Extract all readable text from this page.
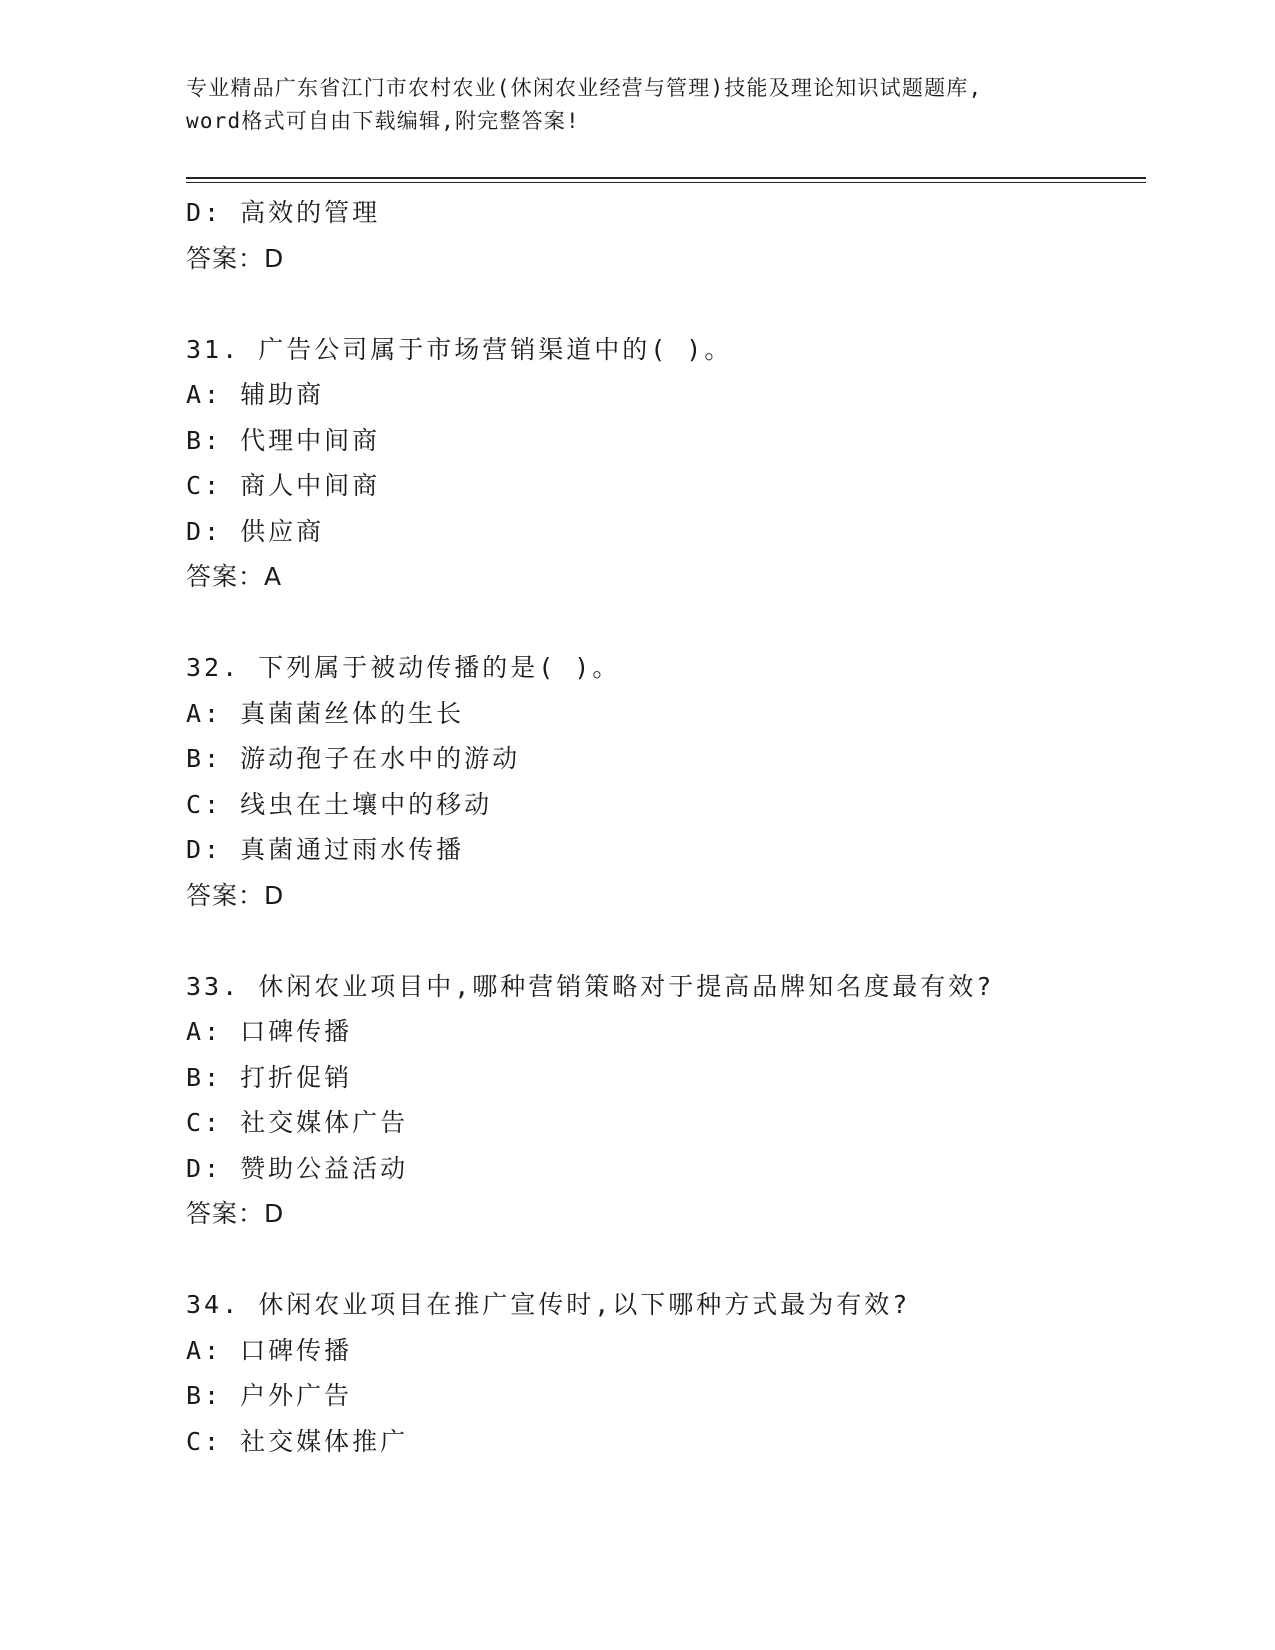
专业精品广东省江门市农村农业(休闲农业经营与管理)技能及理论知识试题题库,
word格式可自由下载编辑,附完整答案!
D: 高效的管理
答案：D
31. 广告公司属于市场营销渠道中的( )。
A: 辅助商
B: 代理中间商
C: 商人中间商
D: 供应商
答案：A
32. 下列属于被动传播的是( )。
A: 真菌菌丝体的生长
B: 游动孢子在水中的游动
C: 线虫在土壤中的移动
D: 真菌通过雨水传播
答案：D
33. 休闲农业项目中,哪种营销策略对于提高品牌知名度最有效?
A: 口碑传播
B: 打折促销
C: 社交媒体广告
D: 赞助公益活动
答案：D
34. 休闲农业项目在推广宣传时,以下哪种方式最为有效?
A: 口碑传播
B: 户外广告
C: 社交媒体推广
